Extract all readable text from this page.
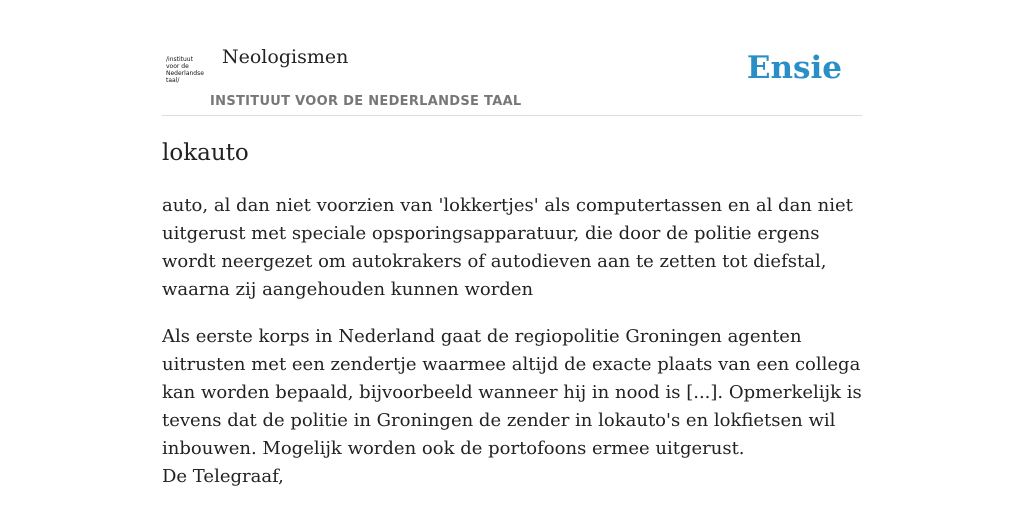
/instituut
voor de
Nederlandse
taal/
Neologismen
INSTITUUT VOOR DE NEDERLANDSE TAAL
Ensie
lokauto

auto, al dan niet voorzien van 'lokkertjes' als computertassen en al dan niet uitgerust met speciale opsporingsapparatuur, die door de politie ergens wordt neergezet om autokrakers of autodieven aan te zetten tot diefstal, waarna zij aangehouden kunnen worden

Als eerste korps in Nederland gaat de regiopolitie Groningen agenten uitrusten met een zendertje waarmee altijd de exacte plaats van een collega kan worden bepaald, bijvoorbeeld wanneer hij in nood is [...]. Opmerkelijk is tevens dat de politie in Groningen de zender in lokauto's en lokfietsen wil inbouwen. Mogelijk worden ook de portofoons ermee uitgerust.
De Telegraaf,
